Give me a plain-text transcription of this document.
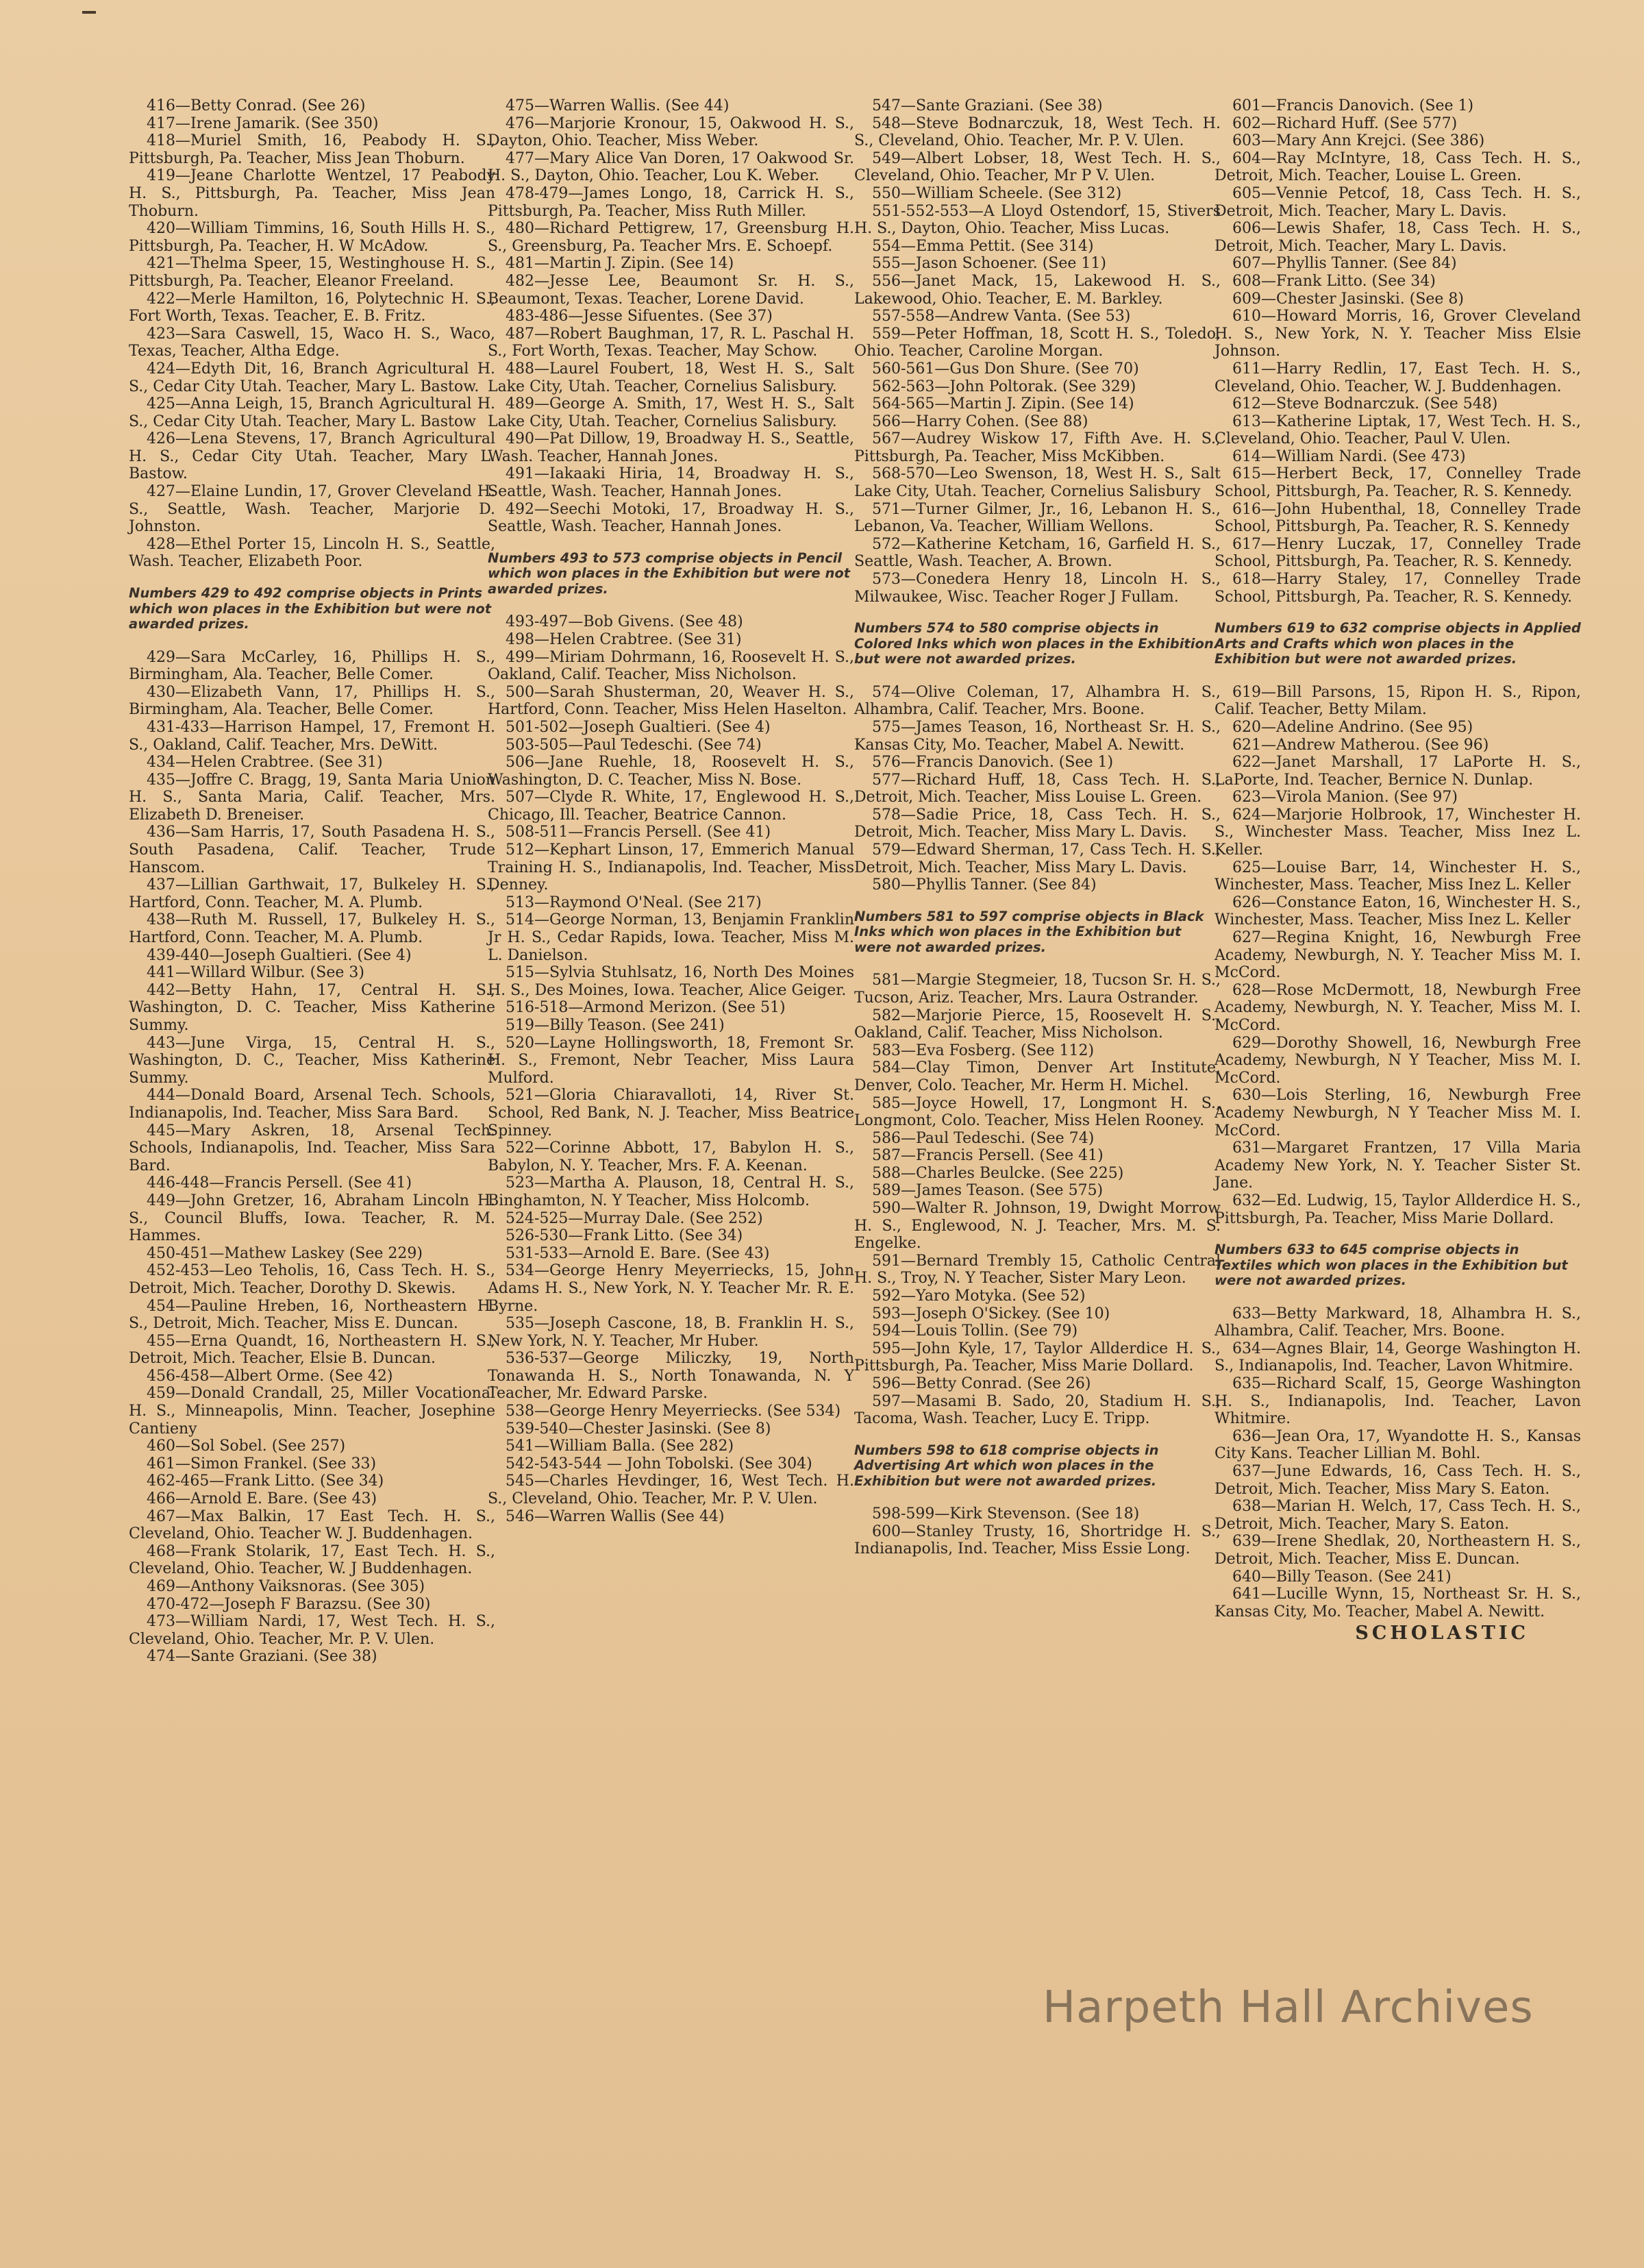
416—Betty Conrad. (See 26)

417—Irene Jamarik. (See 350)

418—Muriel Smith, 16, Peabody H. S., Pittsburgh, Pa. Teacher, Miss Jean Thoburn.

419—Jeane Charlotte Wentzel, 17 Peabody H. S., Pittsburgh, Pa. Teacher, Miss Jean Thoburn.

420—William Timmins, 16, South Hills H. S., Pittsburgh, Pa. Teacher, H. W McAdow.

421—Thelma Speer, 15, Westinghouse H. S., Pittsburgh, Pa. Teacher, Eleanor Freeland.

422—Merle Hamilton, 16, Polytechnic H. S., Fort Worth, Texas. Teacher, E. B. Fritz.

423—Sara Caswell, 15, Waco H. S., Waco, Texas, Teacher, Altha Edge.

424—Edyth Dit, 16, Branch Agricultural H. S., Cedar City Utah. Teacher, Mary L. Bastow.

425—Anna Leigh, 15, Branch Agricultural H. S., Cedar City Utah. Teacher, Mary L. Bastow

426—Lena Stevens, 17, Branch Agricultural H. S., Cedar City Utah. Teacher, Mary L. Bastow.

427—Elaine Lundin, 17, Grover Cleveland H. S., Seattle, Wash. Teacher, Marjorie D. Johnston.

428—Ethel Porter 15, Lincoln H. S., Seattle, Wash. Teacher, Elizabeth Poor.

Numbers 429 to 492 comprise objects in Prints which won places in the Exhibition but were not awarded prizes.

429—Sara McCarley, 16, Phillips H. S., Birmingham, Ala. Teacher, Belle Comer.

430—Elizabeth Vann, 17, Phillips H. S., Birmingham, Ala. Teacher, Belle Comer.

431-433—Harrison Hampel, 17, Fremont H. S., Oakland, Calif. Teacher, Mrs. DeWitt.

434—Helen Crabtree. (See 31)

435—Joffre C. Bragg, 19, Santa Maria Union H. S., Santa Maria, Calif. Teacher, Mrs. Elizabeth D. Breneiser.

436—Sam Harris, 17, South Pasadena H. S., South Pasadena, Calif. Teacher, Trude Hanscom.

437—Lillian Garthwait, 17, Bulkeley H. S., Hartford, Conn. Teacher, M. A. Plumb.

438—Ruth M. Russell, 17, Bulkeley H. S., Hartford, Conn. Teacher, M. A. Plumb.

439-440—Joseph Gualtieri. (See 4)

441—Willard Wilbur. (See 3)

442—Betty Hahn, 17, Central H. S., Washington, D. C. Teacher, Miss Katherine Summy.

443—June Virga, 15, Central H. S., Washington, D. C., Teacher, Miss Katherine Summy.

444—Donald Board, Arsenal Tech. Schools, Indianapolis, Ind. Teacher, Miss Sara Bard.

445—Mary Askren, 18, Arsenal Tech. Schools, Indianapolis, Ind. Teacher, Miss Sara Bard.

446-448—Francis Persell. (See 41)

449—John Gretzer, 16, Abraham Lincoln H. S., Council Bluffs, Iowa. Teacher, R. M. Hammes.

450-451—Mathew Laskey (See 229)

452-453—Leo Teholis, 16, Cass Tech. H. S., Detroit, Mich. Teacher, Dorothy D. Skewis.

454—Pauline Hreben, 16, Northeastern H. S., Detroit, Mich. Teacher, Miss E. Duncan.

455—Erna Quandt, 16, Northeastern H. S., Detroit, Mich. Teacher, Elsie B. Duncan.

456-458—Albert Orme. (See 42)

459—Donald Crandall, 25, Miller Vocational H. S., Minneapolis, Minn. Teacher, Josephine Cantieny

460—Sol Sobel. (See 257)

461—Simon Frankel. (See 33)

462-465—Frank Litto. (See 34)

466—Arnold E. Bare. (See 43)

467—Max Balkin, 17 East Tech. H. S., Cleveland, Ohio. Teacher W. J. Buddenhagen.

468—Frank Stolarik, 17, East Tech. H. S., Cleveland, Ohio. Teacher, W. J Buddenhagen.

469—Anthony Vaiksnoras. (See 305)

470-472—Joseph F Barazsu. (See 30)

473—William Nardi, 17, West Tech. H. S., Cleveland, Ohio. Teacher, Mr. P. V. Ulen.

474—Sante Graziani. (See 38)

475—Warren Wallis. (See 44)

476—Marjorie Kronour, 15, Oakwood H. S., Dayton, Ohio. Teacher, Miss Weber.

477—Mary Alice Van Doren, 17 Oakwood Sr. H. S., Dayton, Ohio. Teacher, Lou K. Weber.

478-479—James Longo, 18, Carrick H. S., Pittsburgh, Pa. Teacher, Miss Ruth Miller.

480—Richard Pettigrew, 17, Greensburg H. S., Greensburg, Pa. Teacher Mrs. E. Schoepf.

481—Martin J. Zipin. (See 14)

482—Jesse Lee, Beaumont Sr. H. S., Beaumont, Texas. Teacher, Lorene David.

483-486—Jesse Sifuentes. (See 37)

487—Robert Baughman, 17, R. L. Paschal H. S., Fort Worth, Texas. Teacher, May Schow.

488—Laurel Foubert, 18, West H. S., Salt Lake City, Utah. Teacher, Cornelius Salisbury.

489—George A. Smith, 17, West H. S., Salt Lake City, Utah. Teacher, Cornelius Salisbury.

490—Pat Dillow, 19, Broadway H. S., Seattle, Wash. Teacher, Hannah Jones.

491—Iakaaki Hiria, 14, Broadway H. S., Seattle, Wash. Teacher, Hannah Jones.

492—Seechi Motoki, 17, Broadway H. S., Seattle, Wash. Teacher, Hannah Jones.

Numbers 493 to 573 comprise objects in Pencil which won places in the Exhibition but were not awarded prizes.

493-497—Bob Givens. (See 48)

498—Helen Crabtree. (See 31)

499—Miriam Dohrmann, 16, Roosevelt H. S., Oakland, Calif. Teacher, Miss Nicholson.

500—Sarah Shusterman, 20, Weaver H. S., Hartford, Conn. Teacher, Miss Helen Haselton.

501-502—Joseph Gualtieri. (See 4)

503-505—Paul Tedeschi. (See 74)

506—Jane Ruehle, 18, Roosevelt H. S., Washington, D. C. Teacher, Miss N. Bose.

507—Clyde R. White, 17, Englewood H. S., Chicago, Ill. Teacher, Beatrice Cannon.

508-511—Francis Persell. (See 41)

512—Kephart Linson, 17, Emmerich Manual Training H. S., Indianapolis, Ind. Teacher, Miss Denney.

513—Raymond O'Neal. (See 217)

514—George Norman, 13, Benjamin Franklin Jr H. S., Cedar Rapids, Iowa. Teacher, Miss M. L. Danielson.

515—Sylvia Stuhlsatz, 16, North Des Moines H. S., Des Moines, Iowa. Teacher, Alice Geiger.

516-518—Armond Merizon. (See 51)

519—Billy Teason. (See 241)

520—Layne Hollingsworth, 18, Fremont Sr. H. S., Fremont, Nebr Teacher, Miss Laura Mulford.

521—Gloria Chiaravalloti, 14, River St. School, Red Bank, N. J. Teacher, Miss Beatrice Spinney.

522—Corinne Abbott, 17, Babylon H. S., Babylon, N. Y. Teacher, Mrs. F. A. Keenan.

523—Martha A. Plauson, 18, Central H. S., Binghamton, N. Y Teacher, Miss Holcomb.

524-525—Murray Dale. (See 252)

526-530—Frank Litto. (See 34)

531-533—Arnold E. Bare. (See 43)

534—George Henry Meyerriecks, 15, John Adams H. S., New York, N. Y. Teacher Mr. R. E. Byrne.

535—Joseph Cascone, 18, B. Franklin H. S., New York, N. Y. Teacher, Mr Huber.

536-537—George Miliczky, 19, North Tonawanda H. S., North Tonawanda, N. Y Teacher, Mr. Edward Parske.

538—George Henry Meyerriecks. (See 534)

539-540—Chester Jasinski. (See 8)

541—William Balla. (See 282)

542-543-544 — John Tobolski. (See 304)

545—Charles Hevdinger, 16, West Tech. H. S., Cleveland, Ohio. Teacher, Mr. P. V. Ulen.

546—Warren Wallis (See 44)

547—Sante Graziani. (See 38)

548—Steve Bodnarczuk, 18, West Tech. H. S., Cleveland, Ohio. Teacher, Mr. P. V. Ulen.

549—Albert Lobser, 18, West Tech. H. S., Cleveland, Ohio. Teacher, Mr P V. Ulen.

550—William Scheele. (See 312)

551-552-553—A Lloyd Ostendorf, 15, Stivers H. S., Dayton, Ohio. Teacher, Miss Lucas.

554—Emma Pettit. (See 314)

555—Jason Schoener. (See 11)

556—Janet Mack, 15, Lakewood H. S., Lakewood, Ohio. Teacher, E. M. Barkley.

557-558—Andrew Vanta. (See 53)

559—Peter Hoffman, 18, Scott H. S., Toledo, Ohio. Teacher, Caroline Morgan.

560-561—Gus Don Shure. (See 70)

562-563—John Poltorak. (See 329)

564-565—Martin J. Zipin. (See 14)

566—Harry Cohen. (See 88)

567—Audrey Wiskow 17, Fifth Ave. H. S., Pittsburgh, Pa. Teacher, Miss McKibben.

568-570—Leo Swenson, 18, West H. S., Salt Lake City, Utah. Teacher, Cornelius Salisbury

571—Turner Gilmer, Jr., 16, Lebanon H. S., Lebanon, Va. Teacher, William Wellons.

572—Katherine Ketcham, 16, Garfield H. S., Seattle, Wash. Teacher, A. Brown.

573—Conedera Henry 18, Lincoln H. S., Milwaukee, Wisc. Teacher Roger J Fullam.

Numbers 574 to 580 comprise objects in Colored Inks which won places in the Exhibition but were not awarded prizes.

574—Olive Coleman, 17, Alhambra H. S., Alhambra, Calif. Teacher, Mrs. Boone.

575—James Teason, 16, Northeast Sr. H. S., Kansas City, Mo. Teacher, Mabel A. Newitt.

576—Francis Danovich. (See 1)

577—Richard Huff, 18, Cass Tech. H. S., Detroit, Mich. Teacher, Miss Louise L. Green.

578—Sadie Price, 18, Cass Tech. H. S., Detroit, Mich. Teacher, Miss Mary L. Davis.

579—Edward Sherman, 17, Cass Tech. H. S., Detroit, Mich. Teacher, Miss Mary L. Davis.

580—Phyllis Tanner. (See 84)

Numbers 581 to 597 comprise objects in Black Inks which won places in the Exhibition but were not awarded prizes.

581—Margie Stegmeier, 18, Tucson Sr. H. S., Tucson, Ariz. Teacher, Mrs. Laura Ostrander.

582—Marjorie Pierce, 15, Roosevelt H. S., Oakland, Calif. Teacher, Miss Nicholson.

583—Eva Fosberg. (See 112)

584—Clay Timon, Denver Art Institute, Denver, Colo. Teacher, Mr. Herm H. Michel.

585—Joyce Howell, 17, Longmont H. S., Longmont, Colo. Teacher, Miss Helen Rooney.

586—Paul Tedeschi. (See 74)

587—Francis Persell. (See 41)

588—Charles Beulcke. (See 225)

589—James Teason. (See 575)

590—Walter R. Johnson, 19, Dwight Morrow H. S., Englewood, N. J. Teacher, Mrs. M. S. Engelke.

591—Bernard Trembly 15, Catholic Central H. S., Troy, N. Y Teacher, Sister Mary Leon.

592—Yaro Motyka. (See 52)

593—Joseph O'Sickey. (See 10)

594—Louis Tollin. (See 79)

595—John Kyle, 17, Taylor Allderdice H. S., Pittsburgh, Pa. Teacher, Miss Marie Dollard.

596—Betty Conrad. (See 26)

597—Masami B. Sado, 20, Stadium H. S., Tacoma, Wash. Teacher, Lucy E. Tripp.

Numbers 598 to 618 comprise objects in Advertising Art which won places in the Exhibition but were not awarded prizes.

598-599—Kirk Stevenson. (See 18)

600—Stanley Trusty, 16, Shortridge H. S., Indianapolis, Ind. Teacher, Miss Essie Long.

601—Francis Danovich. (See 1)

602—Richard Huff. (See 577)

603—Mary Ann Krejci. (See 386)

604—Ray McIntyre, 18, Cass Tech. H. S., Detroit, Mich. Teacher, Louise L. Green.

605—Vennie Petcof, 18, Cass Tech. H. S., Detroit, Mich. Teacher, Mary L. Davis.

606—Lewis Shafer, 18, Cass Tech. H. S., Detroit, Mich. Teacher, Mary L. Davis.

607—Phyllis Tanner. (See 84)

608—Frank Litto. (See 34)

609—Chester Jasinski. (See 8)

610—Howard Morris, 16, Grover Cleveland H. S., New York, N. Y. Teacher Miss Elsie Johnson.

611—Harry Redlin, 17, East Tech. H. S., Cleveland, Ohio. Teacher, W. J. Buddenhagen.

612—Steve Bodnarczuk. (See 548)

613—Katherine Liptak, 17, West Tech. H. S., Cleveland, Ohio. Teacher, Paul V. Ulen.

614—William Nardi. (See 473)

615—Herbert Beck, 17, Connelley Trade School, Pittsburgh, Pa. Teacher, R. S. Kennedy.

616—John Hubenthal, 18, Connelley Trade School, Pittsburgh, Pa. Teacher, R. S. Kennedy

617—Henry Luczak, 17, Connelley Trade School, Pittsburgh, Pa. Teacher, R. S. Kennedy.

618—Harry Staley, 17, Connelley Trade School, Pittsburgh, Pa. Teacher, R. S. Kennedy.

Numbers 619 to 632 comprise objects in Applied Arts and Crafts which won places in the Exhibition but were not awarded prizes.

619—Bill Parsons, 15, Ripon H. S., Ripon, Calif. Teacher, Betty Milam.

620—Adeline Andrino. (See 95)

621—Andrew Matherou. (See 96)

622—Janet Marshall, 17 LaPorte H. S., LaPorte, Ind. Teacher, Bernice N. Dunlap.

623—Virola Manion. (See 97)

624—Marjorie Holbrook, 17, Winchester H. S., Winchester Mass. Teacher, Miss Inez L. Keller.

625—Louise Barr, 14, Winchester H. S., Winchester, Mass. Teacher, Miss Inez L. Keller

626—Constance Eaton, 16, Winchester H. S., Winchester, Mass. Teacher, Miss Inez L. Keller

627—Regina Knight, 16, Newburgh Free Academy, Newburgh, N. Y. Teacher Miss M. I. McCord.

628—Rose McDermott, 18, Newburgh Free Academy, Newburgh, N. Y. Teacher, Miss M. I. McCord.

629—Dorothy Showell, 16, Newburgh Free Academy, Newburgh, N Y Teacher, Miss M. I. McCord.

630—Lois Sterling, 16, Newburgh Free Academy Newburgh, N Y Teacher Miss M. I. McCord.

631—Margaret Frantzen, 17 Villa Maria Academy New York, N. Y. Teacher Sister St. Jane.

632—Ed. Ludwig, 15, Taylor Allderdice H. S., Pittsburgh, Pa. Teacher, Miss Marie Dollard.

Numbers 633 to 645 comprise objects in Textiles which won places in the Exhibition but were not awarded prizes.

633—Betty Markward, 18, Alhambra H. S., Alhambra, Calif. Teacher, Mrs. Boone.

634—Agnes Blair, 14, George Washington H. S., Indianapolis, Ind. Teacher, Lavon Whitmire.

635—Richard Scalf, 15, George Washington H. S., Indianapolis, Ind. Teacher, Lavon Whitmire.

636—Jean Ora, 17, Wyandotte H. S., Kansas City Kans. Teacher Lillian M. Bohl.

637—June Edwards, 16, Cass Tech. H. S., Detroit, Mich. Teacher, Miss Mary S. Eaton.

638—Marian H. Welch, 17, Cass Tech. H. S., Detroit, Mich. Teacher, Mary S. Eaton.

639—Irene Shedlak, 20, Northeastern H. S., Detroit, Mich. Teacher, Miss E. Duncan.

640—Billy Teason. (See 241)

641—Lucille Wynn, 15, Northeast Sr. H. S., Kansas City, Mo. Teacher, Mabel A. Newitt.

Harpeth Hall Archives
SCHOLASTIC
